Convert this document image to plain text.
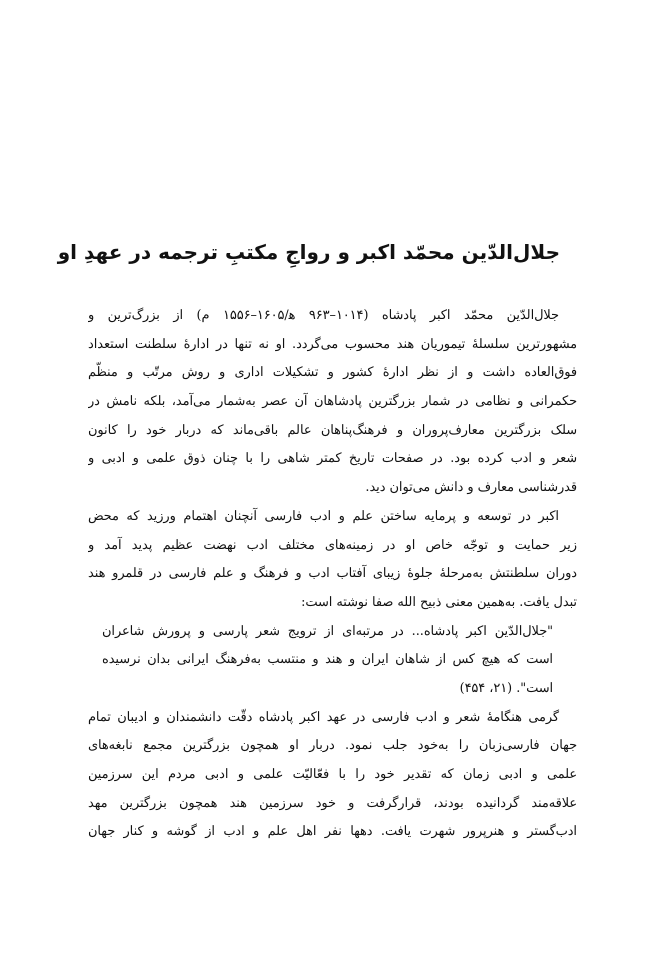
جلال‌الدّین محمّد اکبر و رواجِ مکتبِ ترجمه در عهدِ او
جلال‌الدّین محمّد اکبر پادشاه (۱۰۱۴–۹۶۳ ه‍/۱۶۰۵–۱۵۵۶ م) از بزرگ‌ترین و
مشهورترین سلسلهٔ تیموریان هند محسوب می‌گردد. او نه تنها در ادارهٔ سلطنت استعداد
فوق‌العاده داشت و از نظر ادارهٔ کشور و تشکیلات اداری و روش مرتّب و منظّم
حکمرانی و نظامی در شمار بزرگترین پادشاهان آن عصر به‌شمار می‌آمد، بلکه نامش در
سلک بزرگترین معارف‌پروران و فرهنگ‌پناهان عالم باقی‌ماند که دربار خود را کانون
شعر و ادب کرده بود. در صفحات تاریخ کمتر شاهی را با چنان ذوق علمی و ادبی و
قدرشناسی معارف و دانش می‌توان دید.
اکبر در توسعه و پرمایه ساختن علم و ادب فارسی آنچنان اهتمام ورزید که محض
زیر حمایت و توجّه خاص او در زمینه‌های مختلف ادب نهضت عظیم پدید آمد و
دوران سلطنتش به‌مرحلهٔ جلوهٔ زیبای آفتاب ادب و فرهنگ و علم فارسی در قلمرو هند
تبدل یافت. به‌همین معنی ذبیح الله صفا نوشته است:
"جلال‌الدّین اکبر پادشاه... در مرتبه‌ای از ترویج شعر پارسی و پرورش شاعران
است که هیچ کس از شاهان ایران و هند و منتسب به‌فرهنگ ایرانی بدان نرسیده
است". (۲۱، ۴۵۴)
گرمی هنگامهٔ شعر و ادب فارسی در عهد اکبر پادشاه دقّت دانشمندان و ادیبان تمام
جهان فارسی‌زبان را به‌خود جلب نمود. دربار او همچون بزرگترین مجمع نابغه‌های
علمی و ادبی زمان که تقدیر خود را با فعّالیّت علمی و ادبی مردم این سرزمین
علاقه‌مند گردانیده بودند، قرارگرفت و خود سرزمین هند همچون بزرگترین مهد
ادب‌گستر و هنرپرور شهرت یافت. دهها نفر اهل علم و ادب از گوشه و کنار جهان
